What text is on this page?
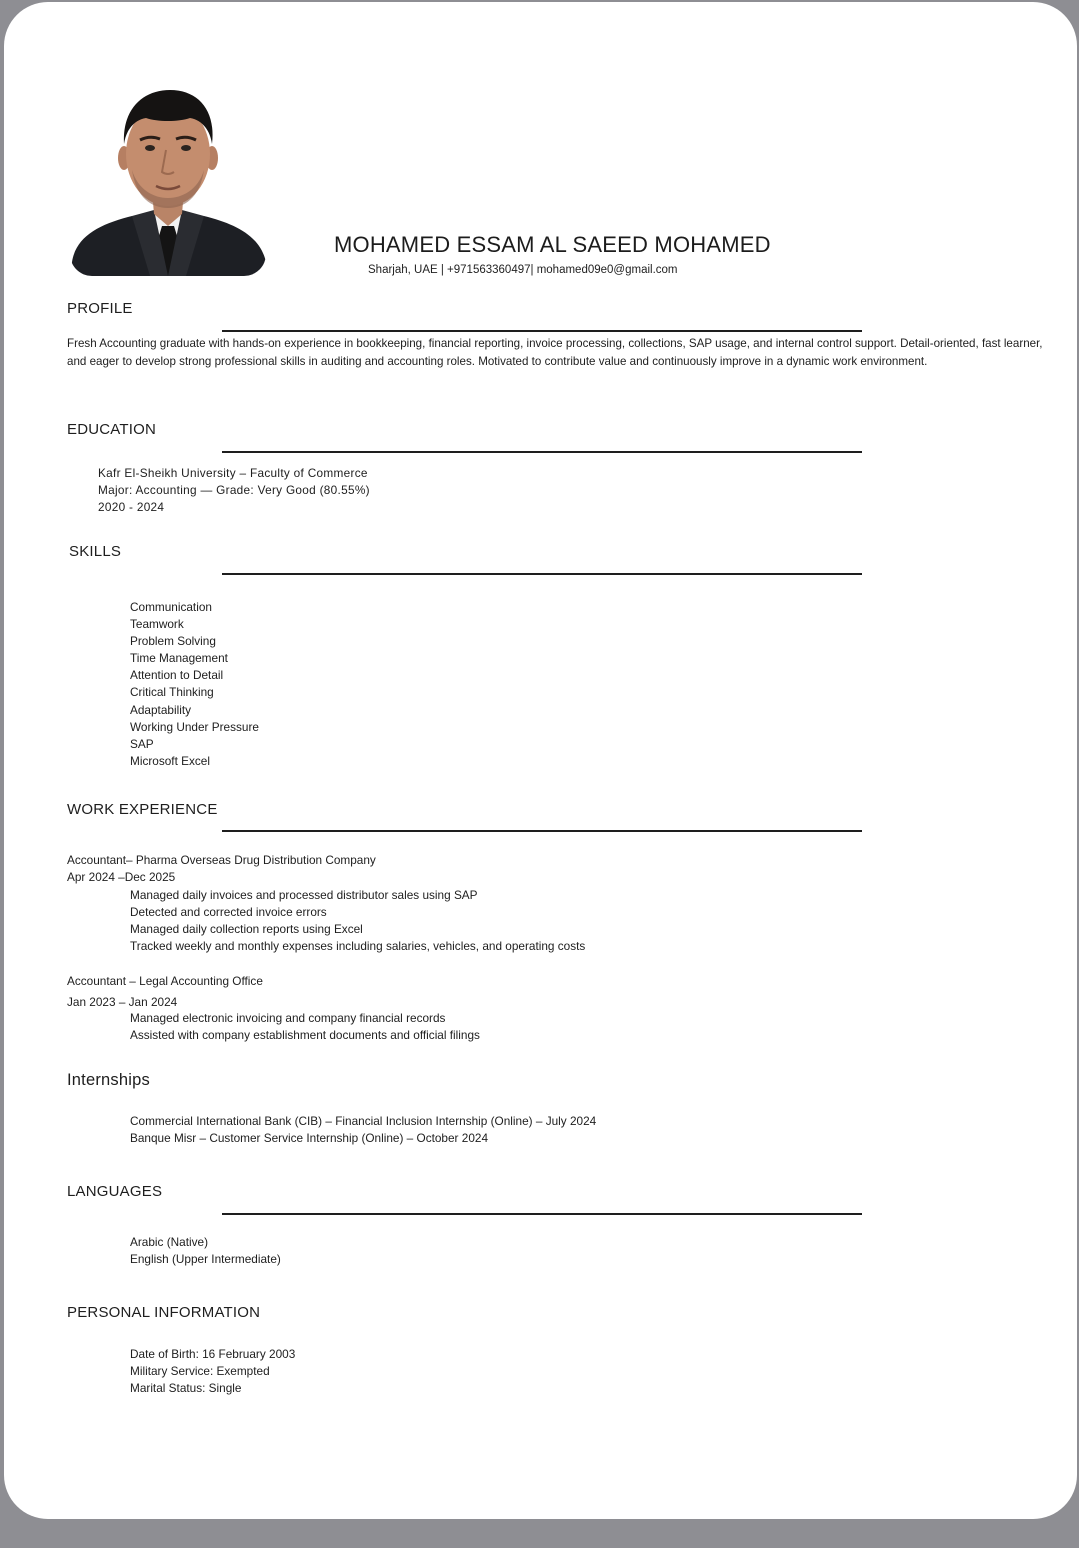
MOHAMED ESSAM AL SAEED MOHAMED
Sharjah, UAE | +971563360497| mohamed09e0@gmail.com
PROFILE
Fresh Accounting graduate with hands-on experience in bookkeeping, financial reporting, invoice processing, collections, SAP usage, and internal control support. Detail-oriented, fast learner, and eager to develop strong professional skills in auditing and accounting roles. Motivated to contribute value and continuously improve in a dynamic work environment.
EDUCATION
Kafr El-Sheikh University – Faculty of Commerce
Major: Accounting — Grade: Very Good (80.55%)
2020 - 2024
SKILLS
Communication
Teamwork
Problem Solving
Time Management
Attention to Detail
Critical Thinking
Adaptability
Working Under Pressure
SAP
Microsoft Excel
WORK EXPERIENCE
Accountant– Pharma Overseas Drug Distribution Company
Apr 2024 –Dec 2025
Managed daily invoices and processed distributor sales using SAP
Detected and corrected invoice errors
Managed daily collection reports using Excel
Tracked weekly and monthly expenses including salaries, vehicles, and operating costs
Accountant – Legal Accounting Office
Jan 2023 – Jan 2024
Managed electronic invoicing and company financial records
Assisted with company establishment documents and official filings
Internships
Commercial International Bank (CIB) – Financial Inclusion Internship (Online) – July 2024
Banque Misr – Customer Service Internship (Online) – October 2024
LANGUAGES
Arabic (Native)
English (Upper Intermediate)
PERSONAL INFORMATION
Date of Birth: 16 February 2003
Military Service: Exempted
Marital Status: Single
